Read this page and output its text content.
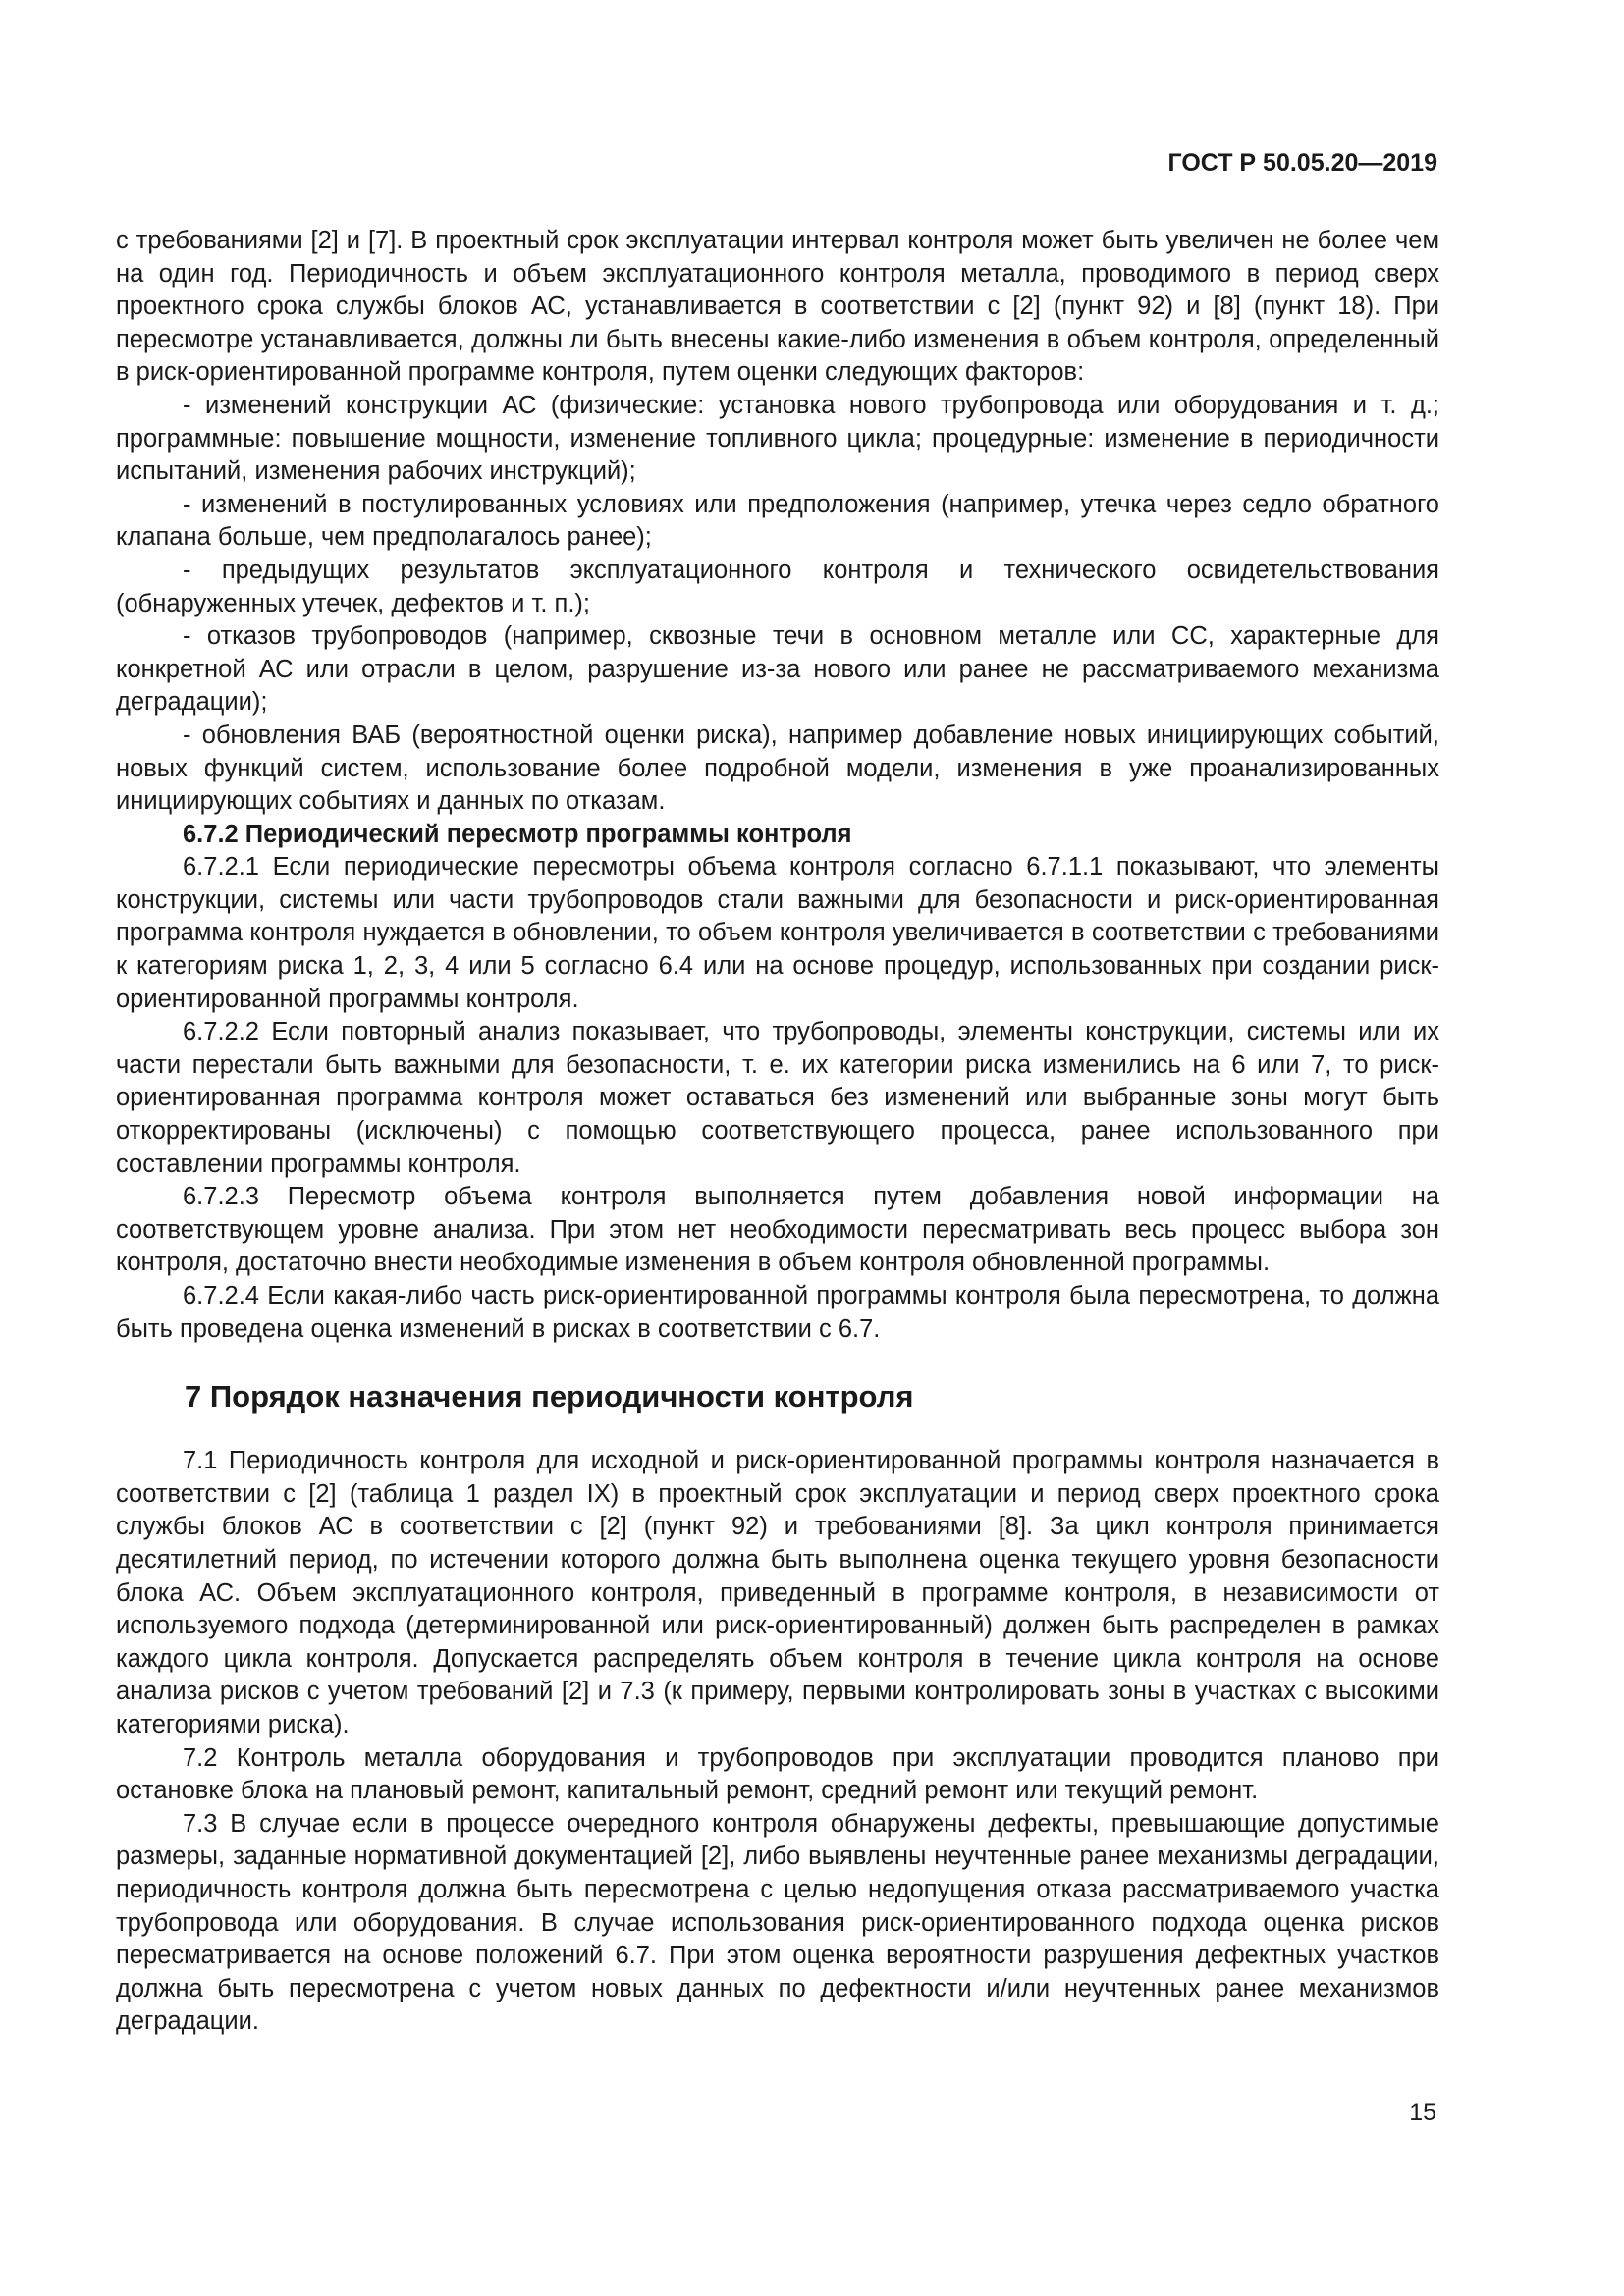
ГОСТ Р 50.05.20—2019

с требованиями [2] и [7]. В проектный срок эксплуатации интервал контроля может быть увеличен не более чем на один год. Периодичность и объем эксплуатационного контроля металла, проводимого в период сверх проектного срока службы блоков АС, устанавливается в соответствии с [2] (пункт 92) и [8] (пункт 18). При пересмотре устанавливается, должны ли быть внесены какие-либо изменения в объем контроля, определенный в риск-ориентированной программе контроля, путем оценки следующих факторов:

- изменений конструкции АС (физические: установка нового трубопровода или оборудования и т. д.; программные: повышение мощности, изменение топливного цикла; процедурные: изменение в периодичности испытаний, изменения рабочих инструкций);

- изменений в постулированных условиях или предположения (например, утечка через седло обратного клапана больше, чем предполагалось ранее);

- предыдущих результатов эксплуатационного контроля и технического освидетельствования (обнаруженных утечек, дефектов и т. п.);

- отказов трубопроводов (например, сквозные течи в основном металле или СС, характерные для конкретной АС или отрасли в целом, разрушение из-за нового или ранее не рассматриваемого механизма деградации);

- обновления ВАБ (вероятностной оценки риска), например добавление новых инициирующих событий, новых функций систем, использование более подробной модели, изменения в уже проанализированных инициирующих событиях и данных по отказам.

6.7.2 Периодический пересмотр программы контроля

6.7.2.1 Если периодические пересмотры объема контроля согласно 6.7.1.1 показывают, что элементы конструкции, системы или части трубопроводов стали важными для безопасности и риск-ориентированная программа контроля нуждается в обновлении, то объем контроля увеличивается в соответствии с требованиями к категориям риска 1, 2, 3, 4 или 5 согласно 6.4 или на основе процедур, использованных при создании риск-ориентированной программы контроля.

6.7.2.2 Если повторный анализ показывает, что трубопроводы, элементы конструкции, системы или их части перестали быть важными для безопасности, т. е. их категории риска изменились на 6 или 7, то риск-ориентированная программа контроля может оставаться без изменений или выбранные зоны могут быть откорректированы (исключены) с помощью соответствующего процесса, ранее использованного при составлении программы контроля.

6.7.2.3 Пересмотр объема контроля выполняется путем добавления новой информации на соответствующем уровне анализа. При этом нет необходимости пересматривать весь процесс выбора зон контроля, достаточно внести необходимые изменения в объем контроля обновленной программы.

6.7.2.4 Если какая-либо часть риск-ориентированной программы контроля была пересмотрена, то должна быть проведена оценка изменений в рисках в соответствии с 6.7.

7 Порядок назначения периодичности контроля

7.1 Периодичность контроля для исходной и риск-ориентированной программы контроля назначается в соответствии с [2] (таблица 1 раздел IX) в проектный срок эксплуатации и период сверх проектного срока службы блоков АС в соответствии с [2] (пункт 92) и требованиями [8]. За цикл контроля принимается десятилетний период, по истечении которого должна быть выполнена оценка текущего уровня безопасности блока АС. Объем эксплуатационного контроля, приведенный в программе контроля, в независимости от используемого подхода (детерминированной или риск-ориентированный) должен быть распределен в рамках каждого цикла контроля. Допускается распределять объем контроля в течение цикла контроля на основе анализа рисков с учетом требований [2] и 7.3 (к примеру, первыми контролировать зоны в участках с высокими категориями риска).

7.2 Контроль металла оборудования и трубопроводов при эксплуатации проводится планово при остановке блока на плановый ремонт, капитальный ремонт, средний ремонт или текущий ремонт.

7.3 В случае если в процессе очередного контроля обнаружены дефекты, превышающие допустимые размеры, заданные нормативной документацией [2], либо выявлены неучтенные ранее механизмы деградации, периодичность контроля должна быть пересмотрена с целью недопущения отказа рассматриваемого участка трубопровода или оборудования. В случае использования риск-ориентированного подхода оценка рисков пересматривается на основе положений 6.7. При этом оценка вероятности разрушения дефектных участков должна быть пересмотрена с учетом новых данных по дефектности и/или неучтенных ранее механизмов деградации.

15
